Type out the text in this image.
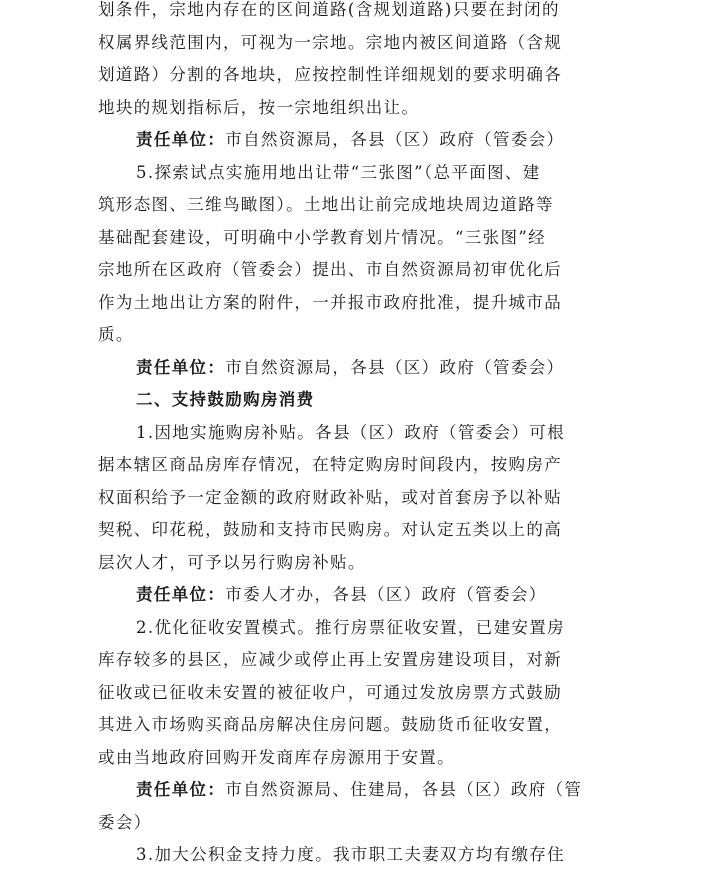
划条件，宗地内存在的区间道路(含规划道路)只要在封闭的
权属界线范围内，可视为一宗地。宗地内被区间道路（含规
划道路）分割的各地块，应按控制性详细规划的要求明确各
地块的规划指标后，按一宗地组织出让。
责任单位：市自然资源局，各县（区）政府（管委会）
5.探索试点实施用地出让带“三张图”（总平面图、建
筑形态图、三维鸟瞰图）。土地出让前完成地块周边道路等
基础配套建设，可明确中小学教育划片情况。“三张图”经
宗地所在区政府（管委会）提出、市自然资源局初审优化后
作为土地出让方案的附件，一并报市政府批准，提升城市品
质。
责任单位：市自然资源局，各县（区）政府（管委会）
二、支持鼓励购房消费
1.因地实施购房补贴。各县（区）政府（管委会）可根
据本辖区商品房库存情况，在特定购房时间段内，按购房产
权面积给予一定金额的政府财政补贴，或对首套房予以补贴
契税、印花税，鼓励和支持市民购房。对认定五类以上的高
层次人才，可予以另行购房补贴。
责任单位：市委人才办，各县（区）政府（管委会）
2.优化征收安置模式。推行房票征收安置，已建安置房
库存较多的县区，应减少或停止再上安置房建设项目，对新
征收或已征收未安置的被征收户，可通过发放房票方式鼓励
其进入市场购买商品房解决住房问题。鼓励货币征收安置，
或由当地政府回购开发商库存房源用于安置。
责任单位：市自然资源局、住建局，各县（区）政府（管
委会）
3.加大公积金支持力度。我市职工夫妻双方均有缴存住
